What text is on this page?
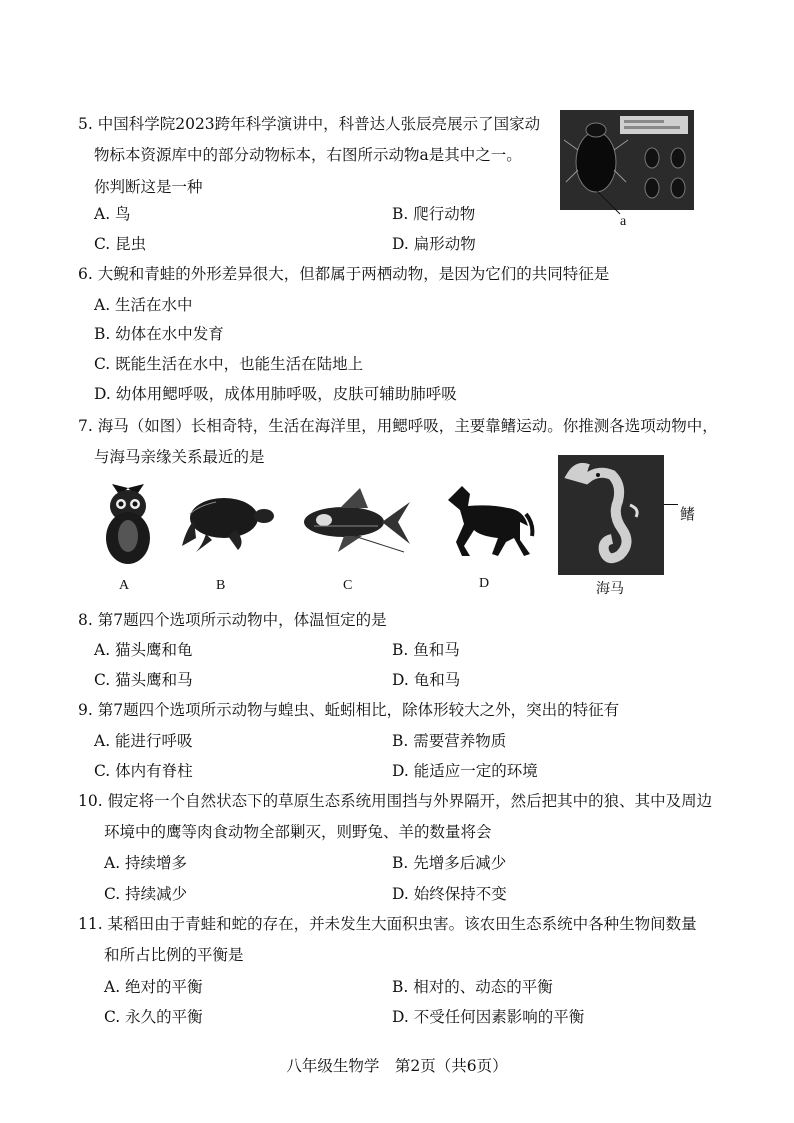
5. 中国科学院2023跨年科学演讲中，科普达人张辰亮展示了国家动
物标本资源库中的部分动物标本，右图所示动物a是其中之一。
你判断这是一种
A. 鸟	B. 爬行动物
C. 昆虫	D. 扁形动物
a
6. 大鲵和青蛙的外形差异很大，但都属于两栖动物，是因为它们的共同特征是
A. 生活在水中
B. 幼体在水中发育
C. 既能生活在水中，也能生活在陆地上
D. 幼体用鳃呼吸，成体用肺呼吸，皮肤可辅助肺呼吸
7. 海马（如图）长相奇特，生活在海洋里，用鳃呼吸，主要靠鳍运动。你推测各选项动物中，
与海马亲缘关系最近的是
鳍
A	B	C	D	海马
8. 第7题四个选项所示动物中，体温恒定的是
A. 猫头鹰和龟	B. 鱼和马
C. 猫头鹰和马	D. 龟和马
9. 第7题四个选项所示动物与蝗虫、蚯蚓相比，除体形较大之外，突出的特征有
A. 能进行呼吸	B. 需要营养物质
C. 体内有脊柱	D. 能适应一定的环境
10. 假定将一个自然状态下的草原生态系统用围挡与外界隔开，然后把其中的狼、其中及周边
环境中的鹰等肉食动物全部剿灭，则野兔、羊的数量将会
A. 持续增多	B. 先增多后减少
C. 持续减少	D. 始终保持不变
11. 某稻田由于青蛙和蛇的存在，并未发生大面积虫害。该农田生态系统中各种生物间数量
和所占比例的平衡是
A. 绝对的平衡	B. 相对的、动态的平衡
C. 永久的平衡	D. 不受任何因素影响的平衡
八年级生物学　第2页（共6页）
